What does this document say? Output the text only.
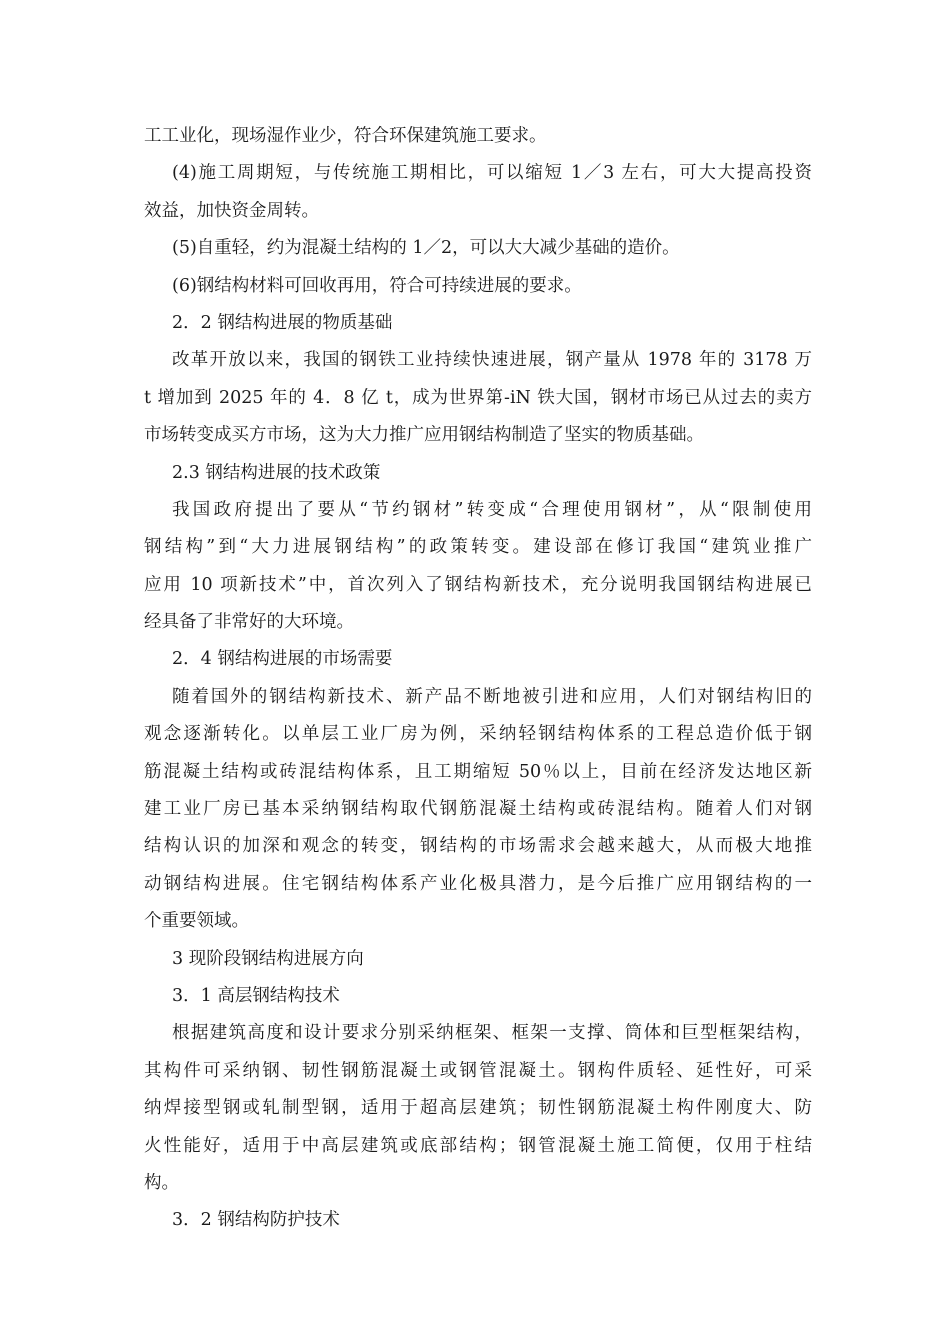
工工业化，现场湿作业少，符合环保建筑施工要求。
(4)施工周期短，与传统施工期相比，可以缩短 1／3 左右，可大大提高投资
效益，加快资金周转。
(5)自重轻，约为混凝土结构的 1／2，可以大大减少基础的造价。
(6)钢结构材料可回收再用，符合可持续进展的要求。
2．2 钢结构进展的物质基础
改革开放以来，我国的钢铁工业持续快速进展，钢产量从 1978 年的 3178 万
t 增加到 2025 年的 4．8 亿 t，成为世界第-iN 铁大国，钢材市场已从过去的卖方
市场转变成买方市场，这为大力推广应用钢结构制造了坚实的物质基础。
2.3 钢结构进展的技术政策
我国政府提出了要从“节约钢材”转变成“合理使用钢材”，从“限制使用
钢结构”到“大力进展钢结构”的政策转变。建设部在修订我国“建筑业推广
应用 10 项新技术”中，首次列入了钢结构新技术，充分说明我国钢结构进展已
经具备了非常好的大环境。
2．4 钢结构进展的市场需要
随着国外的钢结构新技术、新产品不断地被引进和应用，人们对钢结构旧的
观念逐渐转化。以单层工业厂房为例，采纳轻钢结构体系的工程总造价低于钢
筋混凝土结构或砖混结构体系，且工期缩短 50％以上，目前在经济发达地区新
建工业厂房已基本采纳钢结构取代钢筋混凝土结构或砖混结构。随着人们对钢
结构认识的加深和观念的转变，钢结构的市场需求会越来越大，从而极大地推
动钢结构进展。住宅钢结构体系产业化极具潜力，是今后推广应用钢结构的一
个重要领域。
3 现阶段钢结构进展方向
3．1 高层钢结构技术
根据建筑高度和设计要求分别采纳框架、框架一支撑、筒体和巨型框架结构，
其构件可采纳钢、韧性钢筋混凝土或钢管混凝土。钢构件质轻、延性好，可采
纳焊接型钢或轧制型钢，适用于超高层建筑；韧性钢筋混凝土构件刚度大、防
火性能好，适用于中高层建筑或底部结构；钢管混凝土施工简便，仅用于柱结
构。
3．2 钢结构防护技术
